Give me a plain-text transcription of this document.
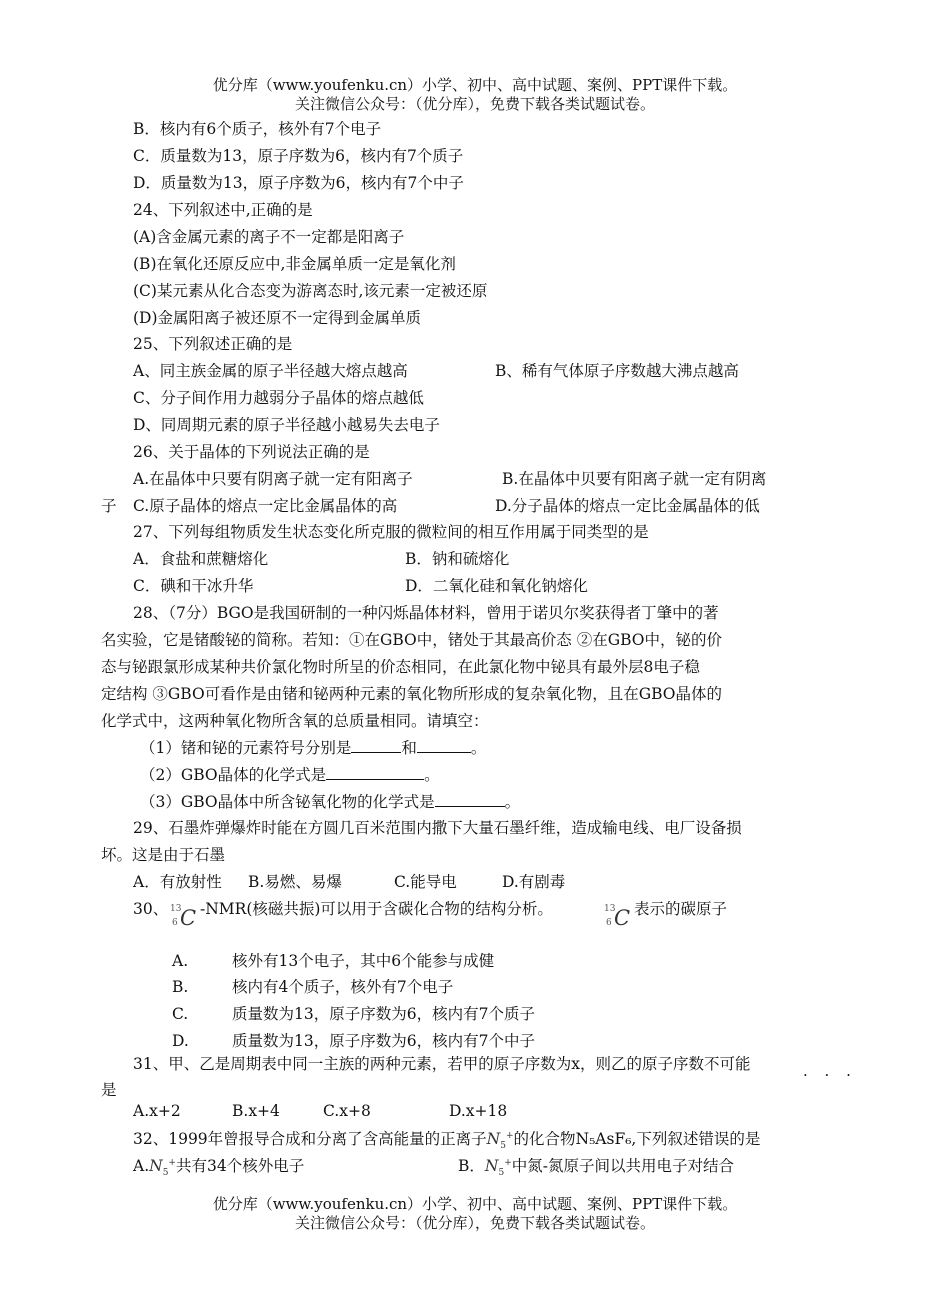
优分库（www.youfenku.cn）小学、初中、高中试题、案例、PPT课件下载。
关注微信公众号：（优分库），免费下载各类试题试卷。
B．核内有6个质子，核外有7个电子
C．质量数为13，原子序数为6，核内有7个质子
D．质量数为13，原子序数为6，核内有7个中子
24、下列叙述中,正确的是
(A)含金属元素的离子不一定都是阳离子
(B)在氧化还原反应中,非金属单质一定是氧化剂
(C)某元素从化合态变为游离态时,该元素一定被还原
(D)金属阳离子被还原不一定得到金属单质
25、下列叙述正确的是
A、同主族金属的原子半径越大熔点越高	B、稀有气体原子序数越大沸点越高
C、分子间作用力越弱分子晶体的熔点越低
D、同周期元素的原子半径越小越易失去电子
26、关于晶体的下列说法正确的是
A.在晶体中只要有阴离子就一定有阳离子	B.在晶体中贝要有阳离子就一定有阴离
子 C.原子晶体的熔点一定比金属晶体的高	D.分子晶体的熔点一定比金属晶体的低
27、下列每组物质发生状态变化所克服的微粒间的相互作用属于同类型的是
A．食盐和蔗糖熔化	B．钠和硫熔化
C．碘和干冰升华	D．二氧化硅和氧化钠熔化
28、（7分）BGO是我国研制的一种闪烁晶体材料，曾用于诺贝尔奖获得者丁肇中的著
名实验，它是锗酸铋的简称。若知：①在GBO中，锗处于其最高价态 ②在GBO中，铋的价
态与铋跟氯形成某种共价氯化物时所呈的价态相同，在此氯化物中铋具有最外层8电子稳
定结构 ③GBO可看作是由锗和铋两种元素的氧化物所形成的复杂氧化物，且在GBO晶体的
化学式中，这两种氧化物所含氧的总质量相同。请填空：
（1）锗和铋的元素符号分别是	和	。
（2）GBO晶体的化学式是	。
（3）GBO晶体中所含铋氧化物的化学式是	。
29、石墨炸弹爆炸时能在方圆几百米范围内撒下大量石墨纤维，造成输电线、电厂设备损
坏。这是由于石墨
A．有放射性 B.易燃、易爆	C.能导电	D.有剧毒
30、 13
6 C -NMR(核磁共振)可以用于含碳化合物的结构分析。	13
6 C 表示的碳原子
A.	核外有13个电子，其中6个能参与成健
B.	核内有4个质子，核外有7个电子
C.	质量数为13，原子序数为6，核内有7个质子
D.	质量数为13，原子序数为6，核内有7个中子
31、甲、乙是周期表中同一主族的两种元素，若甲的原子序数为x，则乙的原子序数不可能
· · ·
是
A.x+2	B.x+4	C.x+8	D.x+18
32、1999年曾报导合成和分离了含高能量的正离子$N_5^+$的化合物N₅AsF₆,下列叙述错误的是
$A.N_5^+$共有34个核外电子	B．$N_5^+$中氮-氮原子间以共用电子对结合
优分库（www.youfenku.cn）小学、初中、高中试题、案例、PPT课件下载。
关注微信公众号：（优分库），免费下载各类试题试卷。
